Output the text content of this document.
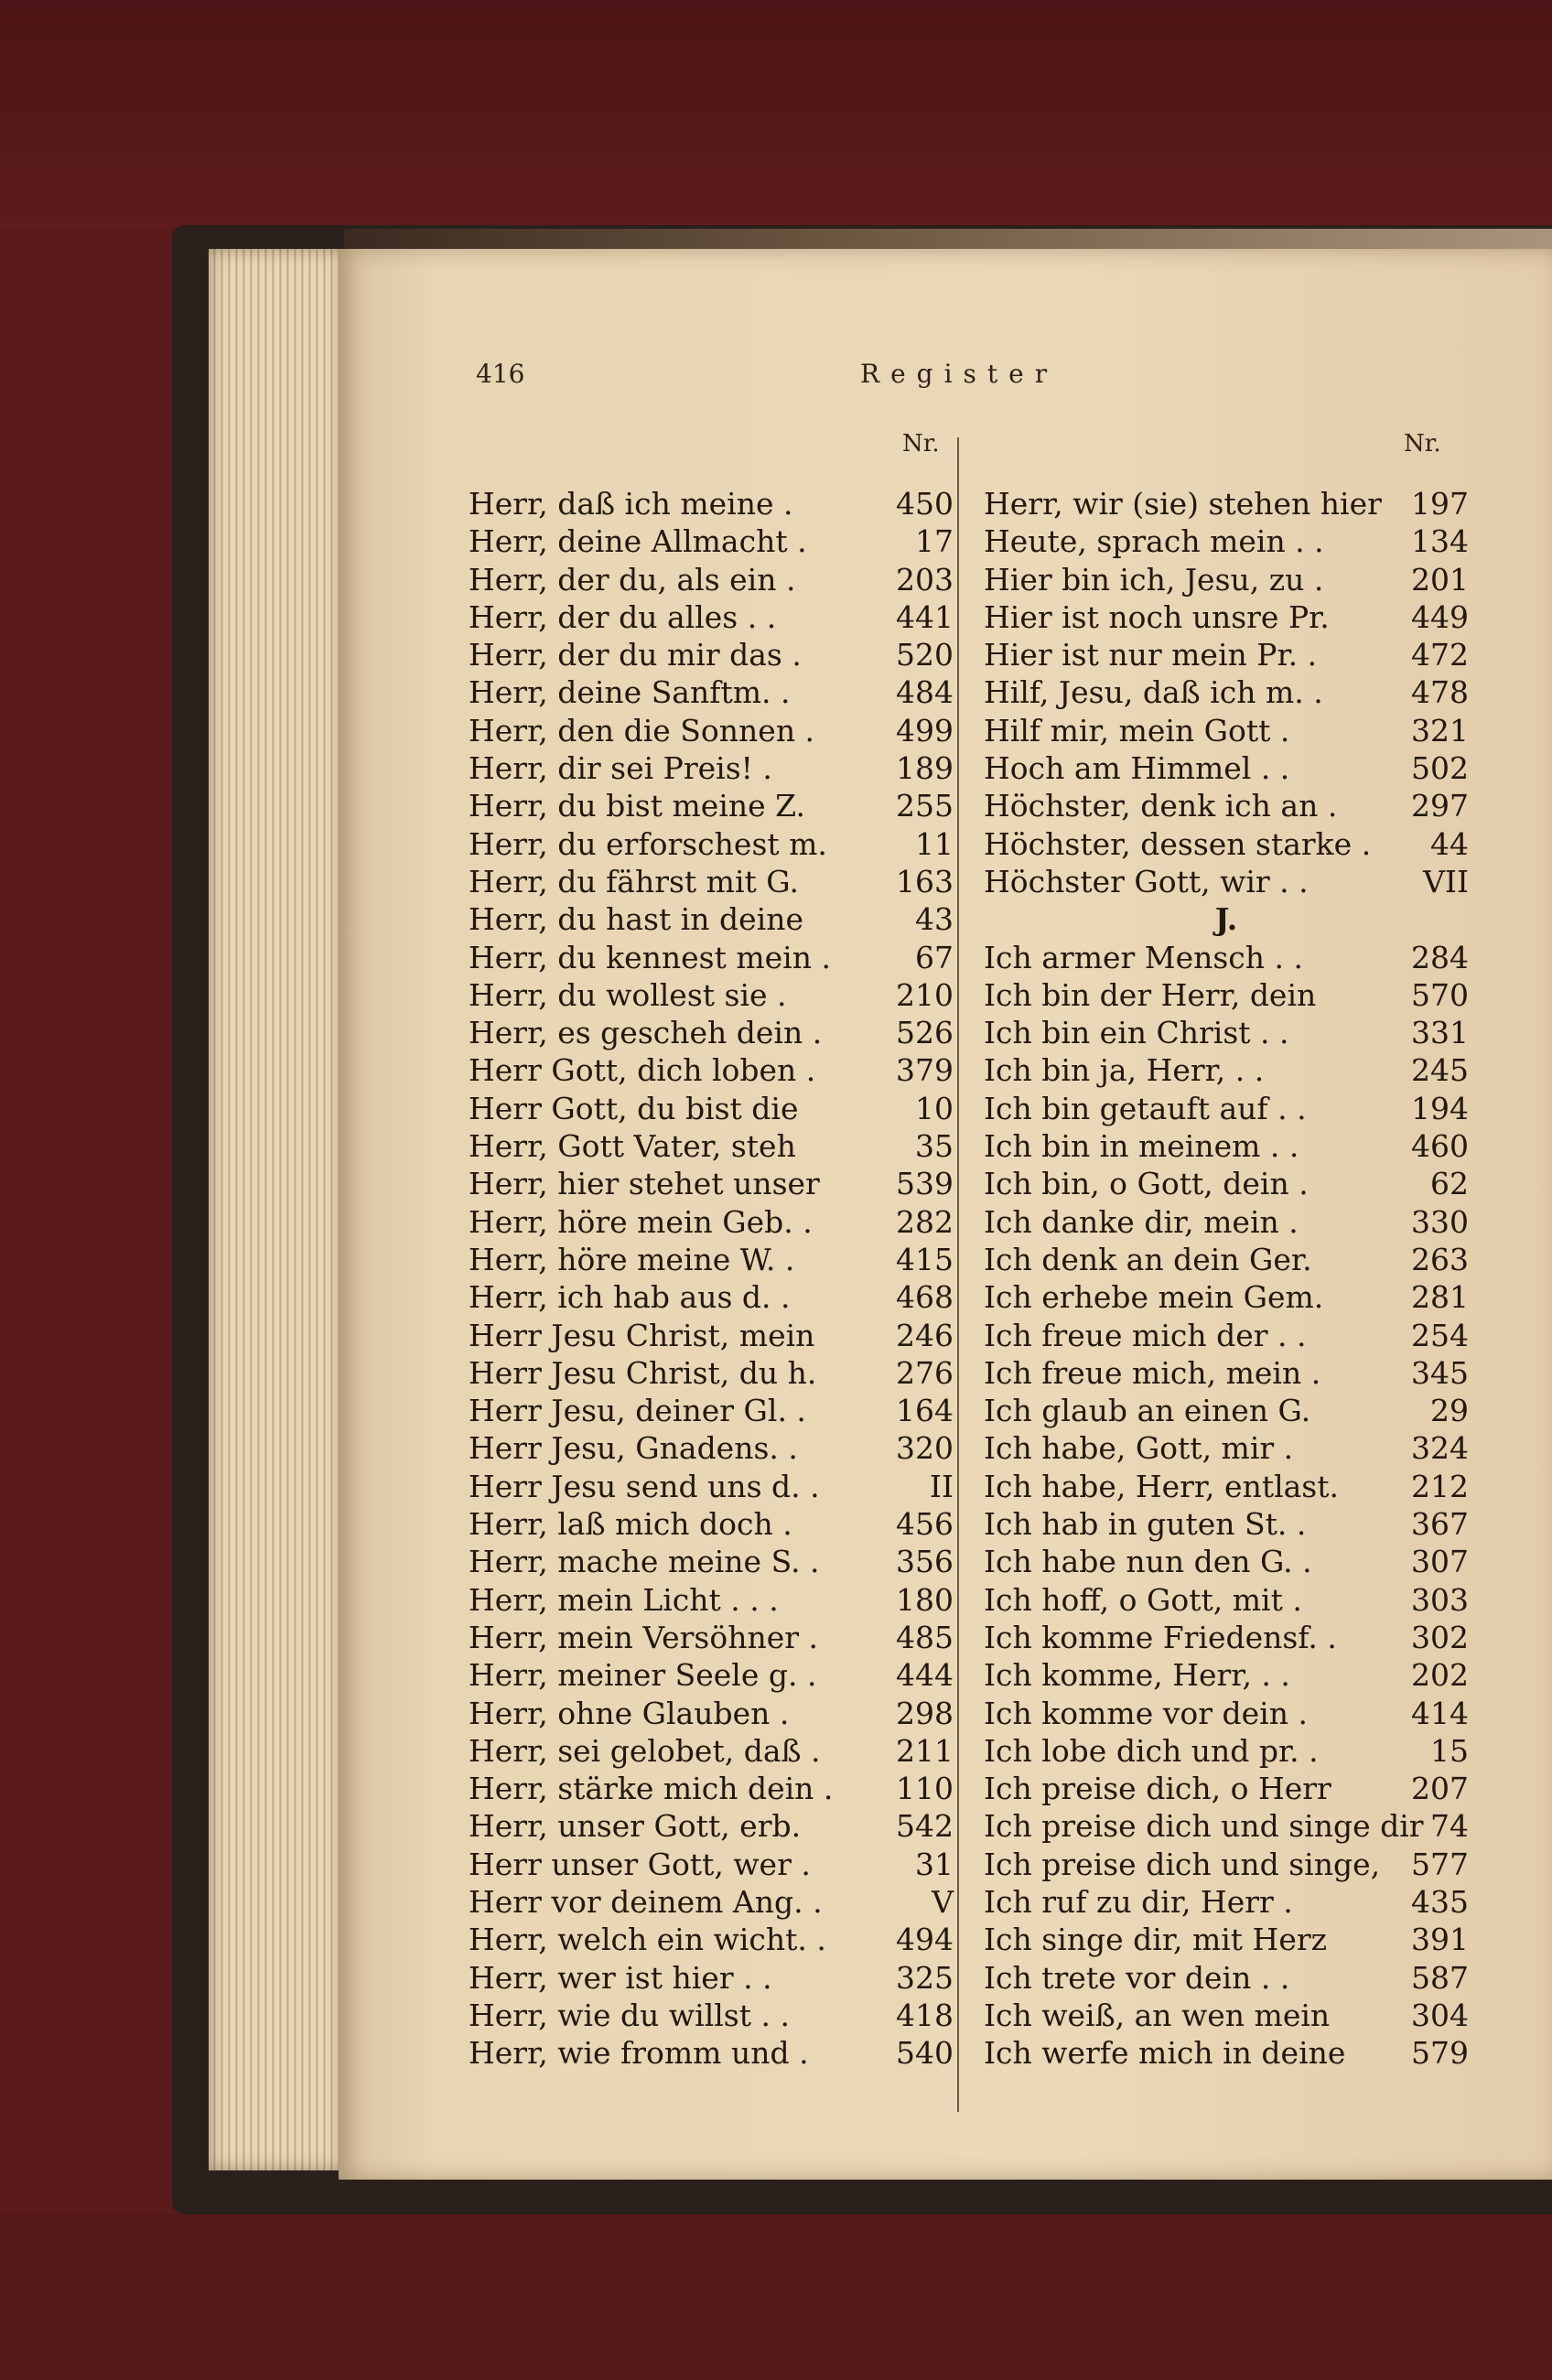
416	Register
Nr.	Nr.
Herr, daß ich meine .	450
Herr, deine Allmacht .	17
Herr, der du, als ein .	203
Herr, der du alles . .	441
Herr, der du mir das .	520
Herr, deine Sanftm. .	484
Herr, den die Sonnen .	499
Herr, dir sei Preis! .	189
Herr, du bist meine Z.	255
Herr, du erforschest m.	11
Herr, du fährst mit G.	163
Herr, du hast in deine	43
Herr, du kennest mein .	67
Herr, du wollest sie .	210
Herr, es gescheh dein . 526
Herr Gott, dich loben .	379
Herr Gott, du bist die	10
Herr, Gott Vater, steh	35
Herr, hier stehet unser	539
Herr, höre mein Geb. .	282
Herr, höre meine W. .	415
Herr, ich hab aus d. .	468
Herr Jesu Christ, mein	246
Herr Jesu Christ, du h.	276
Herr Jesu, deiner Gl. .	164
Herr Jesu, Gnadens. .	320
Herr Jesu send uns d. .	II
Herr, laß mich doch .	456
Herr, mache meine S. .	356
Herr, mein Licht . . .	180
Herr, mein Versöhner .	485
Herr, meiner Seele g. .	444
Herr, ohne Glauben .	298
Herr, sei gelobet, daß . 211
Herr, stärke mich dein . 110
Herr, unser Gott, erb.	542
Herr unser Gott, wer .	31
Herr vor deinem Ang. .	V
Herr, welch ein wicht. . 494
Herr, wer ist hier . .	325
Herr, wie du willst . .	418
Herr, wie fromm und .	540
Herr, wir (sie) stehen hier 197
Heute, sprach mein . .	134
Hier bin ich, Jesu, zu .	201
Hier ist noch unsre Pr.	449
Hier ist nur mein Pr. .	472
Hilf, Jesu, daß ich m. .	478
Hilf mir, mein Gott .	321
Hoch am Himmel . .	502
Höchster, denk ich an . 297
Höchster, dessen starke . 44
Höchster Gott, wir . .	VII
J.
Ich armer Mensch . .	284
Ich bin der Herr, dein	570
Ich bin ein Christ . .	331
Ich bin ja, Herr, . .	245
Ich bin getauft auf . .	194
Ich bin in meinem . .	460
Ich bin, o Gott, dein .	62
Ich danke dir, mein .	330
Ich denk an dein Ger.	263
Ich erhebe mein Gem.	281
Ich freue mich der . .	254
Ich freue mich, mein .	345
Ich glaub an einen G.	29
Ich habe, Gott, mir .	324
Ich habe, Herr, entlast. 212
Ich hab in guten St. .	367
Ich habe nun den G. .	307
Ich hoff, o Gott, mit .	303
Ich komme Friedensf. . 302
Ich komme, Herr, . .	202
Ich komme vor dein .	414
Ich lobe dich und pr. .	15
Ich preise dich, o Herr	207
Ich preise dich und singe dir 74
Ich preise dich und singe, 577
Ich ruf zu dir, Herr .	435
Ich singe dir, mit Herz	391
Ich trete vor dein . .	587
Ich weiß, an wen mein	304
Ich werfe mich in deine 579
